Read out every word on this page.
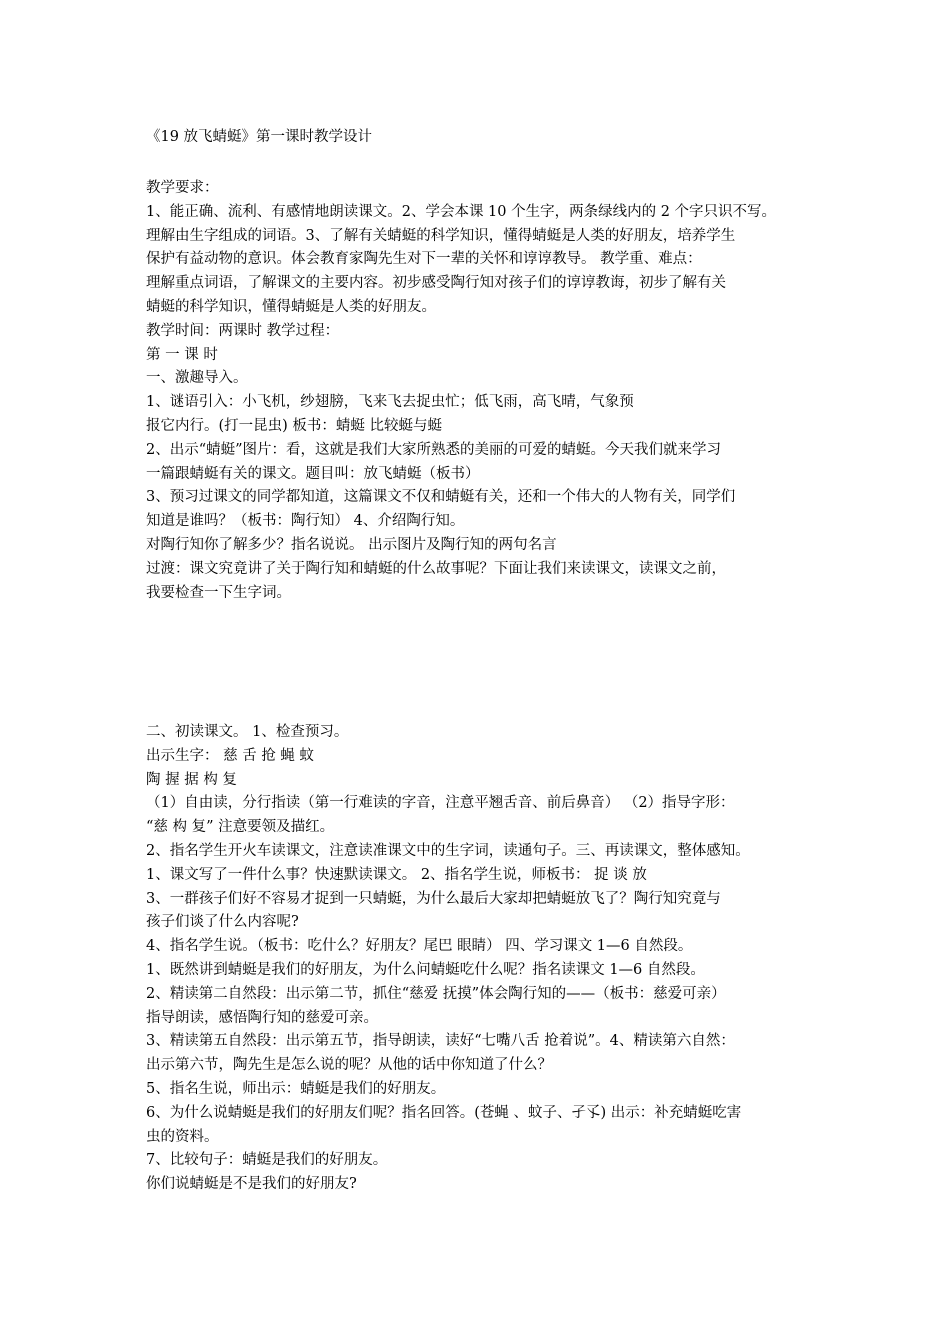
《19 放飞蜻蜓》第一课时教学设计
教学要求：
1、能正确、流利、有感情地朗读课文。2、学会本课 10 个生字，两条绿线内的 2 个字只识不写。
理解由生字组成的词语。3、了解有关蜻蜓的科学知识，懂得蜻蜓是人类的好朋友，培养学生
保护有益动物的意识。体会教育家陶先生对下一辈的关怀和谆谆教导。 教学重、难点：
理解重点词语，了解课文的主要内容。初步感受陶行知对孩子们的谆谆教诲，初步了解有关
蜻蜓的科学知识，懂得蜻蜓是人类的好朋友。
教学时间：两课时 教学过程：
第 一 课 时
一、激趣导入。
1、谜语引入：小飞机，纱翅膀，飞来飞去捉虫忙；低飞雨，高飞晴，气象预
报它内行。(打一昆虫) 板书：蜻蜓 比较蜓与蜓
2、出示“蜻蜓”图片：看，这就是我们大家所熟悉的美丽的可爱的蜻蜓。今天我们就来学习
一篇跟蜻蜓有关的课文。题目叫：放飞蜻蜓（板书）
3、预习过课文的同学都知道，这篇课文不仅和蜻蜓有关，还和一个伟大的人物有关，同学们
知道是谁吗？（板书：陶行知） 4、介绍陶行知。
对陶行知你了解多少？指名说说。 出示图片及陶行知的两句名言
过渡：课文究竟讲了关于陶行知和蜻蜓的什么故事呢？下面让我们来读课文，读课文之前，
我要检查一下生字词。
二、初读课文。 1、检查预习。
出示生字： 慈 舌 抢 蝇 蚊
陶 握 据 构 复
（1）自由读，分行指读（第一行难读的字音，注意平翘舌音、前后鼻音） （2）指导字形：
“慈 构 复” 注意要领及描红。
2、指名学生开火车读课文，注意读准课文中的生字词，读通句子。三、再读课文，整体感知。
1、课文写了一件什么事？快速默读课文。 2、指名学生说，师板书： 捉 谈 放
3、一群孩子们好不容易才捉到一只蜻蜓，为什么最后大家却把蜻蜓放飞了？陶行知究竟与
孩子们谈了什么内容呢?
4、指名学生说。（板书：吃什么？好朋友？尾巴 眼睛） 四、学习课文 1—6 自然段。
1、既然讲到蜻蜓是我们的好朋友，为什么问蜻蜓吃什么呢？指名读课文 1—6 自然段。
2、精读第二自然段：出示第二节，抓住“慈爱 抚摸”体会陶行知的——（板书：慈爱可亲）
指导朗读，感悟陶行知的慈爱可亲。
3、精读第五自然段：出示第五节，指导朗读，读好“七嘴八舌 抢着说”。4、精读第六自然：
出示第六节，陶先生是怎么说的呢？从他的话中你知道了什么？
5、指名生说，师出示：蜻蜓是我们的好朋友。
6、为什么说蜻蜓是我们的好朋友们呢？指名回答。(苍蝇 、蚊子、孑孓) 出示：补充蜻蜓吃害
虫的资料。
7、比较句子：蜻蜓是我们的好朋友。
你们说蜻蜓是不是我们的好朋友?
